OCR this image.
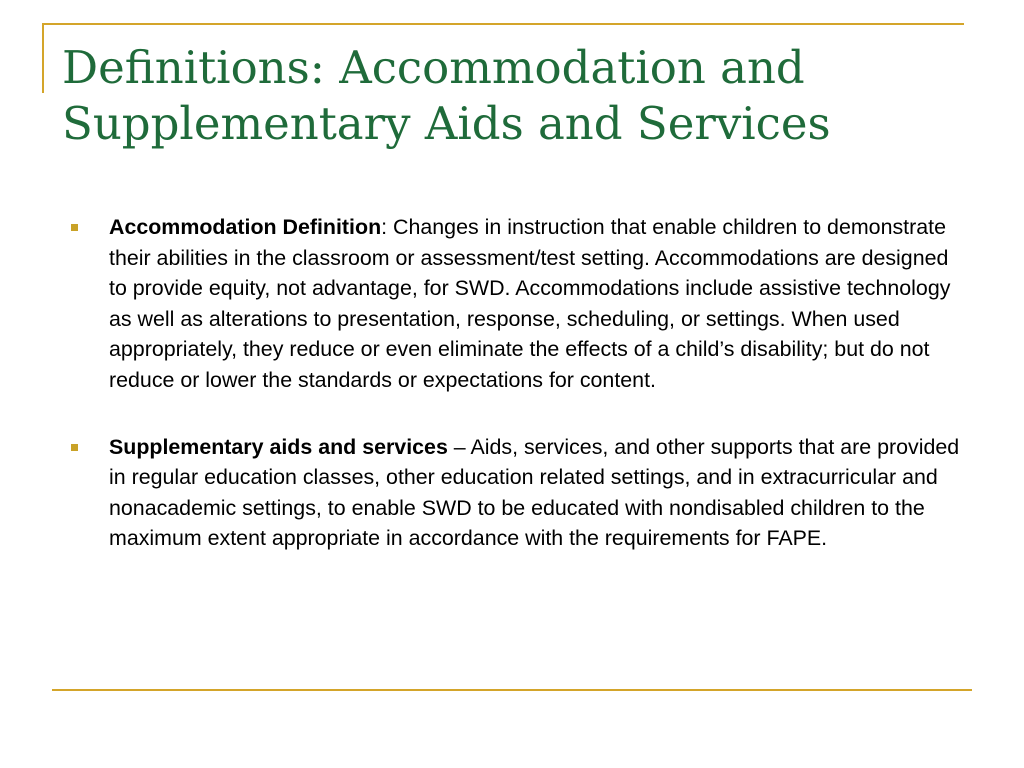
Definitions: Accommodation and
Supplementary Aids and Services
Accommodation Definition: Changes in instruction that enable children to demonstrate their abilities in the classroom or assessment/test setting. Accommodations are designed to provide equity, not advantage, for SWD. Accommodations include assistive technology as well as alterations to presentation, response, scheduling, or settings. When used appropriately, they reduce or even eliminate the effects of a child’s disability; but do not reduce or lower the standards or expectations for content.
Supplementary aids and services – Aids, services, and other supports that are provided in regular education classes, other education related settings, and in extracurricular and nonacademic settings, to enable SWD to be educated with nondisabled children to the maximum extent appropriate in accordance with the requirements for FAPE.
